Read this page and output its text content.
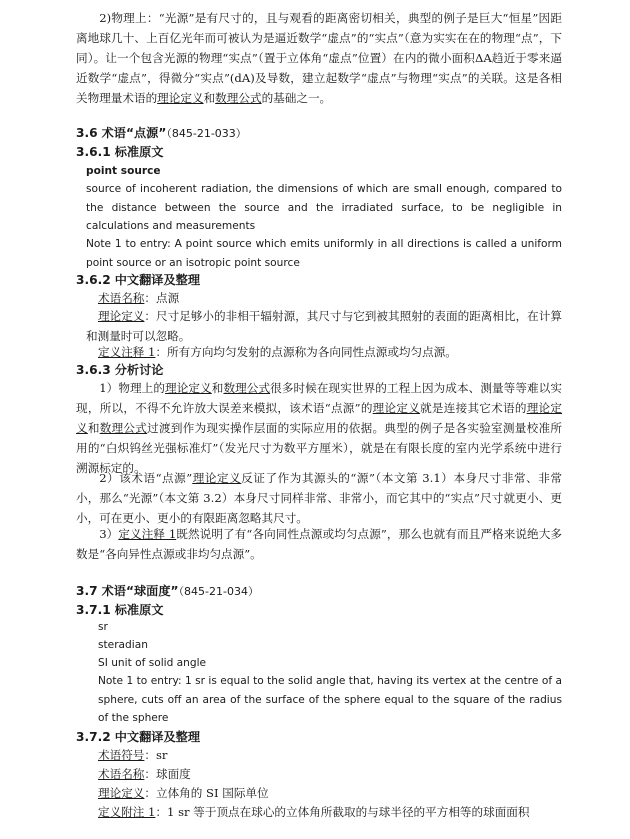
2)物理上：“光源”是有尺寸的，且与观看的距离密切相关，典型的例子是巨大“恒星”因距离地球几十、上百亿光年而可被认为是逼近数学“虚点”的“实点”（意为实实在在的物理“点”，下同）。让一个包含光源的物理“实点”（置于立体角“虚点”位置）在内的微小面积ΔA趋近于零来逼近数学“虚点”，得微分“实点”(dA)及导数，建立起数学“虚点”与物理“实点”的关联。这是各相关物理量术语的理论定义和数理公式的基础之一。

3.6 术语“点源”（845-21-033）
3.6.1 标准原文
point source
source of incoherent radiation, the dimensions of which are small enough, compared to the distance between the source and the irradiated surface, to be negligible in calculations and measurements
Note 1 to entry: A point source which emits uniformly in all directions is called a uniform point source or an isotropic point source
3.6.2 中文翻译及整理
术语名称：点源
理论定义：尺寸足够小的非相干辐射源，其尺寸与它到被其照射的表面的距离相比，在计算和测量时可以忽略。
定义注释 1：所有方向均匀发射的点源称为各向同性点源或均匀点源。
3.6.3 分析讨论

1）物理上的理论定义和数理公式很多时候在现实世界的工程上因为成本、测量等等难以实现，所以，不得不允许放大误差来模拟，该术语“点源”的理论定义就是连接其它术语的理论定义和数理公式过渡到作为现实操作层面的实际应用的依据。典型的例子是各实验室测量校准所用的“白炽钨丝光强标准灯”（发光尺寸为数平方厘米），就是在有限长度的室内光学系统中进行溯源标定的。

2）该术语“点源”理论定义反证了作为其源头的“源”（本文第 3.1）本身尺寸非常、非常小，那么“光源”（本文第 3.2）本身尺寸同样非常、非常小，而它其中的“实点”尺寸就更小、更小，可在更小、更小的有限距离忽略其尺寸。

3）定义注释 1既然说明了有“各向同性点源或均匀点源”，那么也就有而且严格来说绝大多数是“各向异性点源或非均匀点源”。

3.7 术语“球面度”（845-21-034）
3.7.1 标准原文
sr
steradian
SI unit of solid angle
Note 1 to entry: 1 sr is equal to the solid angle that, having its vertex at the centre of a sphere, cuts off an area of the surface of the sphere equal to the square of the radius of the sphere
3.7.2 中文翻译及整理
术语符号：sr
术语名称：球面度
理论定义：立体角的 SI 国际单位
定义附注 1：1 sr 等于顶点在球心的立体角所截取的与球半径的平方相等的球面面积
